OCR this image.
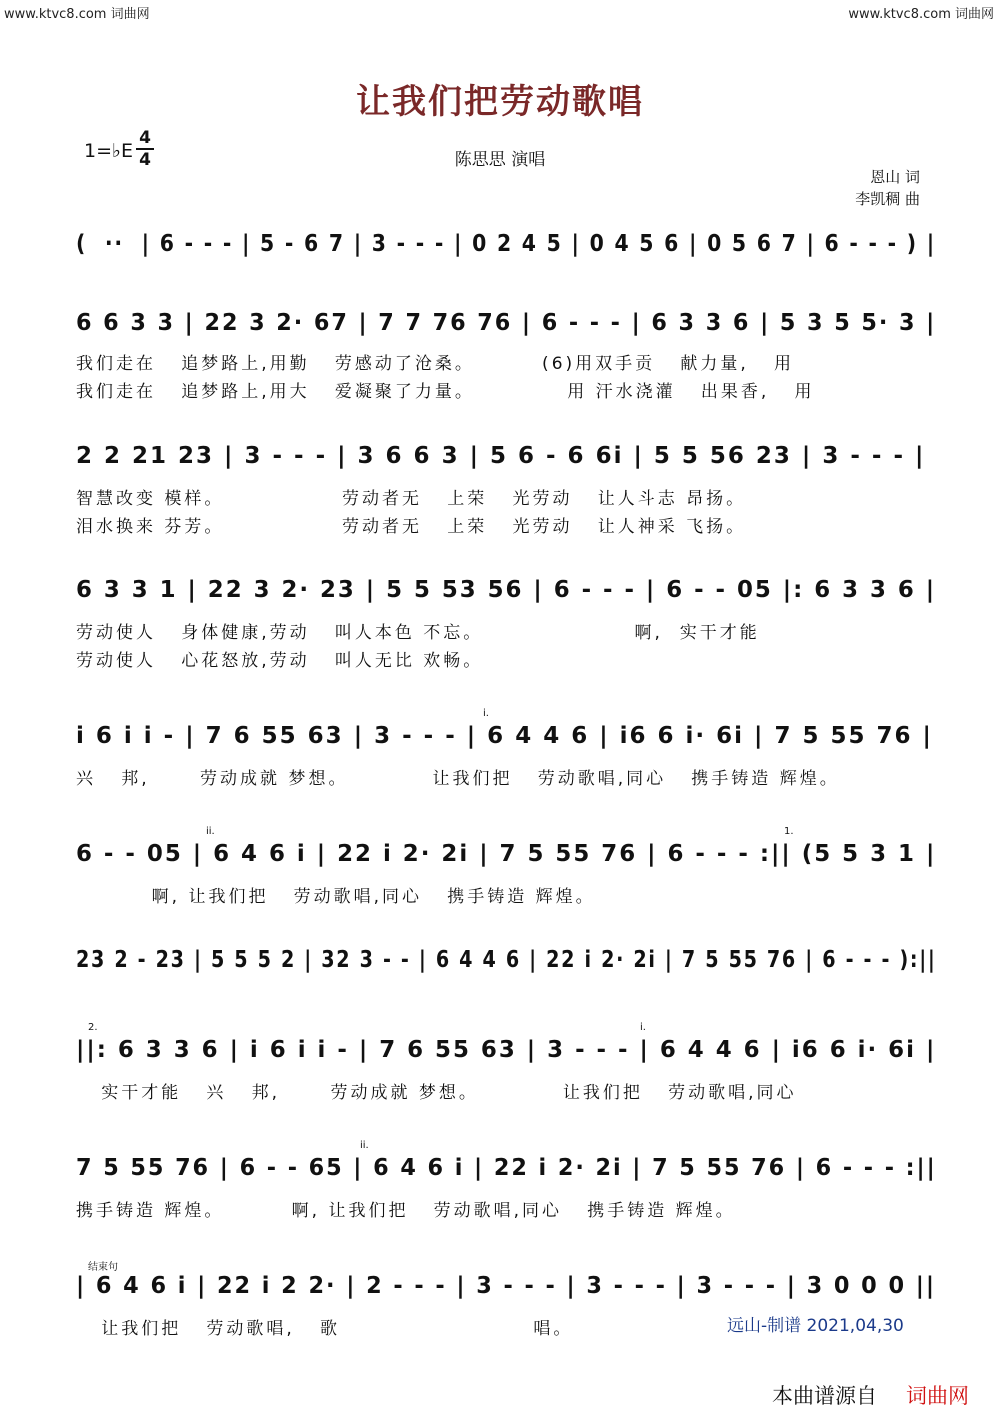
www.ktvc8.com 词曲网	www.ktvc8.com 词曲网
让我们把劳动歌唱
1=♭E
4
4	陈思思 演唱
恩山 词
李凯稠 曲
(  ··  | 6 - - - | 5 - 6 7 | 3 - - - | 0 2 4 5 | 0 4 5 6 | 0 5 6 7 | 6 - - - ) |
6 6 3 3 | 22 3 2· 67 | 7 7 76 76 | 6 - - - | 6 3 3 6 | 5 3 5 5· 3 |
我们走在   追梦路上,用勤   劳感动了沧桑。        (6)用双手贡   献力量,   用
我们走在   追梦路上,用大   爱凝聚了力量。           用 汗水浇灌   出果香,   用
2 2 21 23 | 3 - - - | 3 6 6 3 | 5 6 - 6 6i | 5 5 56 23 | 3 - - - |
智慧改变 模样。              劳动者无   上荣   光劳动   让人斗志 昂扬。
泪水换来 芬芳。              劳动者无   上荣   光劳动   让人神采 飞扬。
6 3 3 1 | 22 3 2· 23 | 5 5 53 56 | 6 - - - | 6 - - 05 |: 6 3 3 6 |
劳动使人   身体健康,劳动   叫人本色 不忘。                  啊,  实干才能
劳动使人   心花怒放,劳动   叫人无比 欢畅。
i.
i 6 i i - | 7 6 55 63 | 3 - - - | 6 4 4 6 | i6 6 i· 6i | 7 5 55 76 |
兴   邦,      劳动成就 梦想。          让我们把   劳动歌唱,同心   携手铸造 辉煌。
ii.	1.
6 - - 05 | 6 4 6 i | 22 i 2· 2i | 7 5 55 76 | 6 - - - :|| (5 5 3 1 |
啊, 让我们把   劳动歌唱,同心   携手铸造 辉煌。
23 2 - 23 | 5 5 5 2 | 32 3 - - | 6 4 4 6 | 22 i 2· 2i | 7 5 55 76 | 6 - - - ):||
2.	i.
||: 6 3 3 6 | i 6 i i - | 7 6 55 63 | 3 - - - | 6 4 4 6 | i6 6 i· 6i |
实干才能   兴   邦,      劳动成就 梦想。          让我们把   劳动歌唱,同心
ii.
7 5 55 76 | 6 - - 65 | 6 4 6 i | 22 i 2· 2i | 7 5 55 76 | 6 - - - :||
携手铸造 辉煌。        啊, 让我们把   劳动歌唱,同心   携手铸造 辉煌。
结束句
| 6 4 6 i | 22 i 2 2· | 2 - - - | 3 - - - | 3 - - - | 3 - - - | 3 0 0 0 ||
让我们把   劳动歌唱,   歌                       唱。	远山-制谱 2021,04,30
本曲谱源自 词曲网
